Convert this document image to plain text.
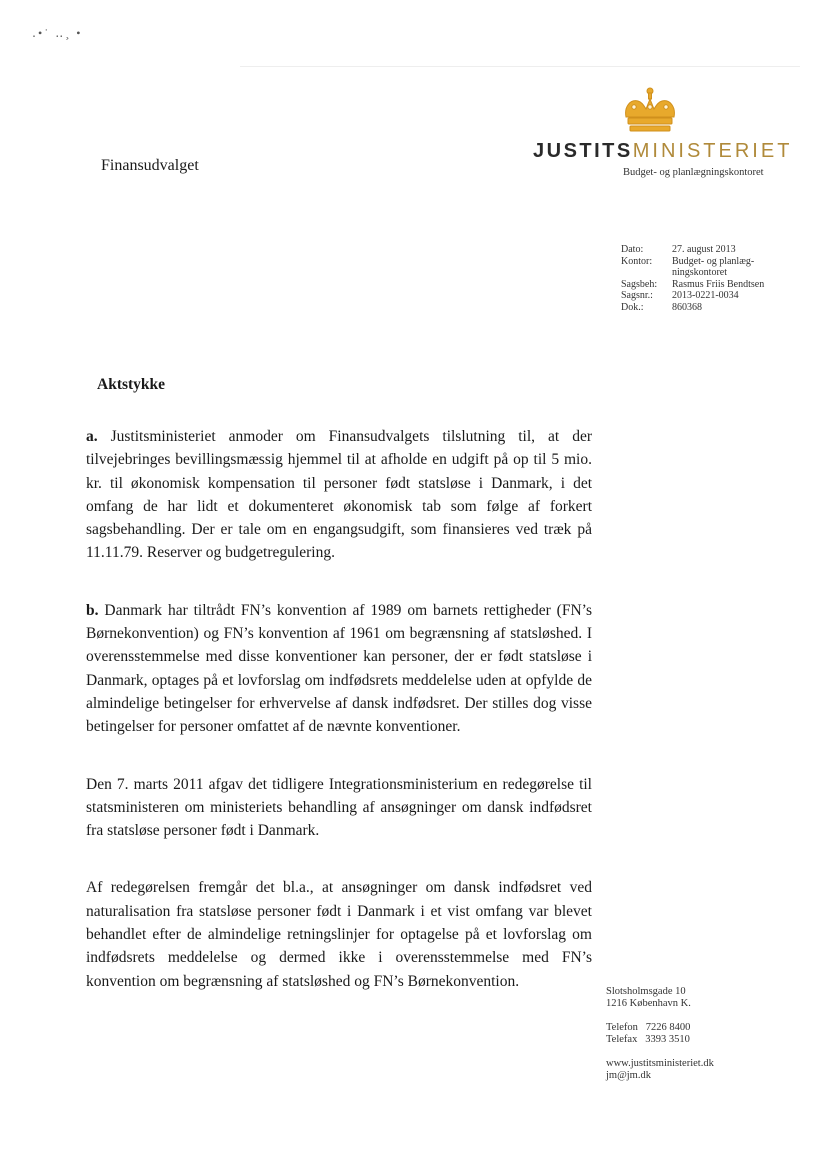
․•˙ ‥¸ •
Finansudvalget
JUSTITSMINISTERIET
Budget- og planlægningskontoret
Dato:	27. august 2013
Kontor:	Budget- og planlæg-
ningskontoret
Sagsbeh:	Rasmus Friis Bendtsen
Sagsnr.:	2013-0221-0034
Dok.:	860368
Aktstykke

a. Justitsministeriet anmoder om Finansudvalgets tilslutning til, at der tilvejebringes bevillingsmæssig hjemmel til at afholde en udgift på op til 5 mio. kr. til økonomisk kompensation til personer født statsløse i Danmark, i det omfang de har lidt et dokumenteret økonomisk tab som følge af forkert sagsbehandling. Der er tale om en engangsudgift, som finansieres ved træk på 11.11.79. Reserver og budgetregulering.

b. Danmark har tiltrådt FN’s konvention af 1989 om barnets rettigheder (FN’s Børnekonvention) og FN’s konvention af 1961 om begrænsning af statsløshed. I overensstemmelse med disse konventioner kan personer, der er født statsløse i Danmark, optages på et lovforslag om indfødsrets meddelelse uden at opfylde de almindelige betingelser for erhvervelse af dansk indfødsret. Der stilles dog visse betingelser for personer omfattet af de nævnte konventioner.

Den 7. marts 2011 afgav det tidligere Integrationsministerium en redegørelse til statsministeren om ministeriets behandling af ansøgninger om dansk indfødsret fra statsløse personer født i Danmark.

Af redegørelsen fremgår det bl.a., at ansøgninger om dansk indfødsret ved naturalisation fra statsløse personer født i Danmark i et vist omfang var blevet behandlet efter de almindelige retningslinjer for optagelse på et lovforslag om indfødsrets meddelelse og dermed ikke i overensstemmelse med FN’s konvention om begrænsning af statsløshed og FN’s Børnekonvention.

Slotsholmsgade 10
1216 København K.
Telefon   7226 8400
Telefax   3393 3510
www.justitsministeriet.dk
jm@jm.dk
